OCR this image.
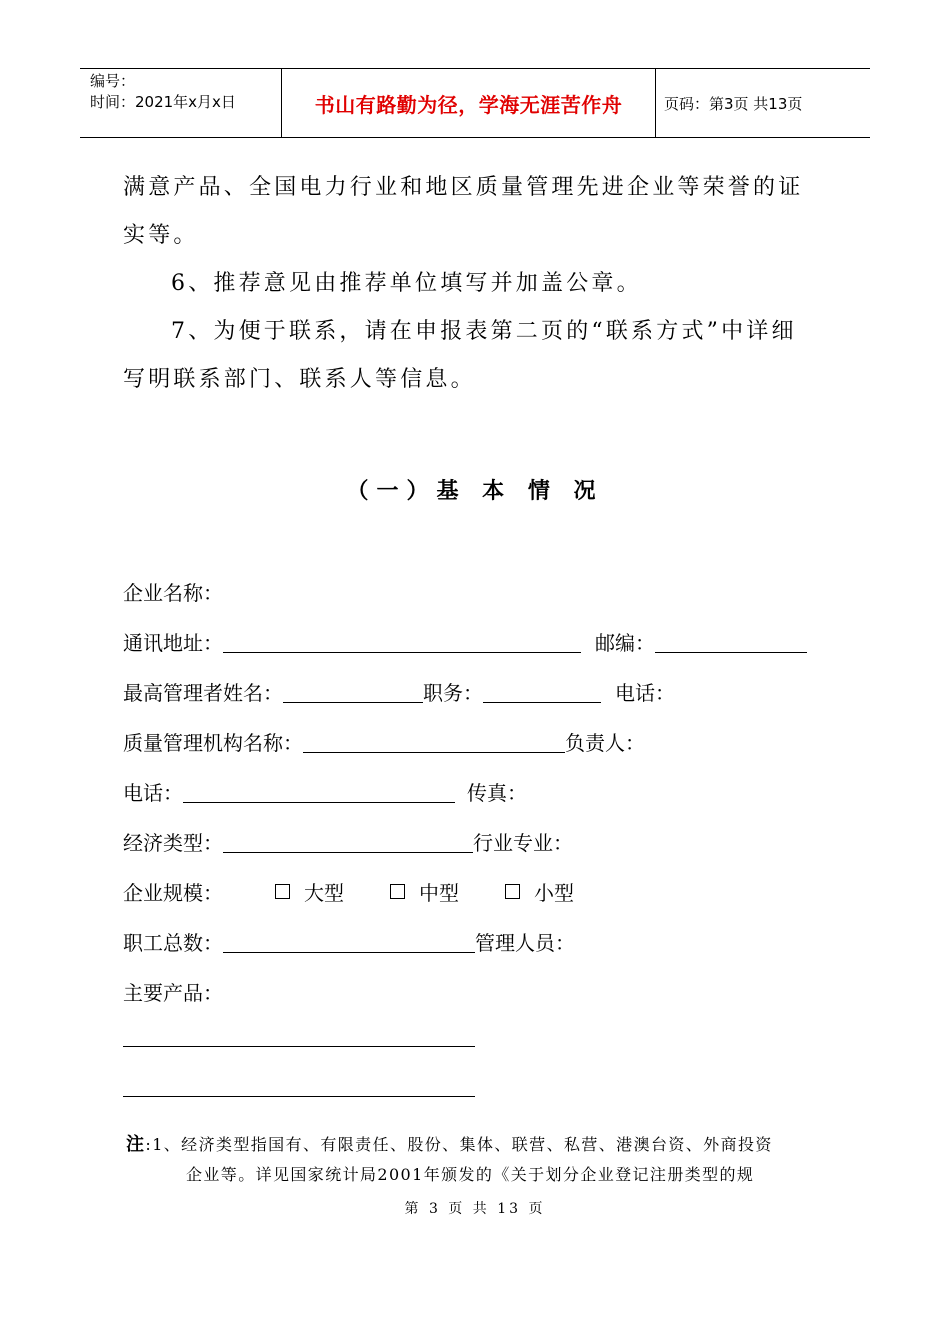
编号：
时间：2021年x月x日	书山有路勤为径，学海无涯苦作舟	页码：第3页 共13页

满意产品、全国电力行业和地区质量管理先进企业等荣誉的证

实等。

6、推荐意见由推荐单位填写并加盖公章。

7、为便于联系，请在申报表第二页的“联系方式”中详细

写明联系部门、联系人等信息。

（一）基 本 情 况
企业名称：
通讯地址：	邮编：
最高管理者姓名：	职务：	电话：
质量管理机构名称：	负责人：
电话：	传真：
经济类型：	行业专业：
企业规模：	大型	中型	小型
职工总数：	管理人员：
主要产品：
注:1、经济类型指国有、有限责任、股份、集体、联营、私营、港澳台资、外商投资
企业等。详见国家统计局2001年颁发的《关于划分企业登记注册类型的规
第 3 页 共 13 页
